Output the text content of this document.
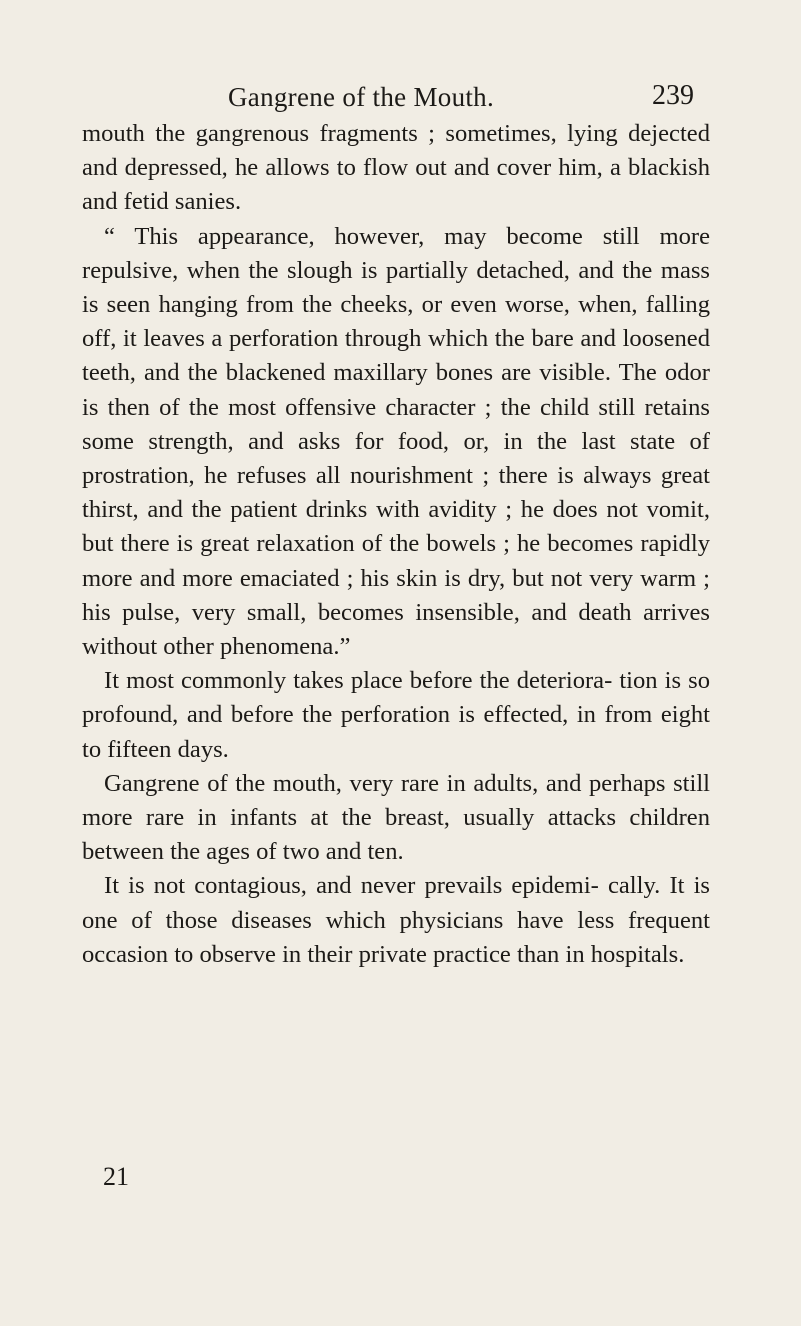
Gangrene of the Mouth.	239

mouth the gangrenous fragments ; sometimes, lying dejected and depressed, he allows to flow out and cover him, a blackish and fetid sanies.

“ This appearance, however, may become still more repulsive, when the slough is partially detached, and the mass is seen hanging from the cheeks, or even worse, when, falling off, it leaves a perforation through which the bare and loosened teeth, and the blackened maxillary bones are visible. The odor is then of the most offensive character ; the child still retains some strength, and asks for food, or, in the last state of prostration, he refuses all nourishment ; there is always great thirst, and the patient drinks with avidity ; he does not vomit, but there is great relaxation of the bowels ; he becomes rapidly more and more emaciated ; his skin is dry, but not very warm ; his pulse, very small, becomes insensible, and death arrives without other phenomena.”

It most commonly takes place before the deteriora- tion is so profound, and before the perforation is effected, in from eight to fifteen days.

Gangrene of the mouth, very rare in adults, and perhaps still more rare in infants at the breast, usually attacks children between the ages of two and ten.

It is not contagious, and never prevails epidemi- cally. It is one of those diseases which physicians have less frequent occasion to observe in their private practice than in hospitals.

21
